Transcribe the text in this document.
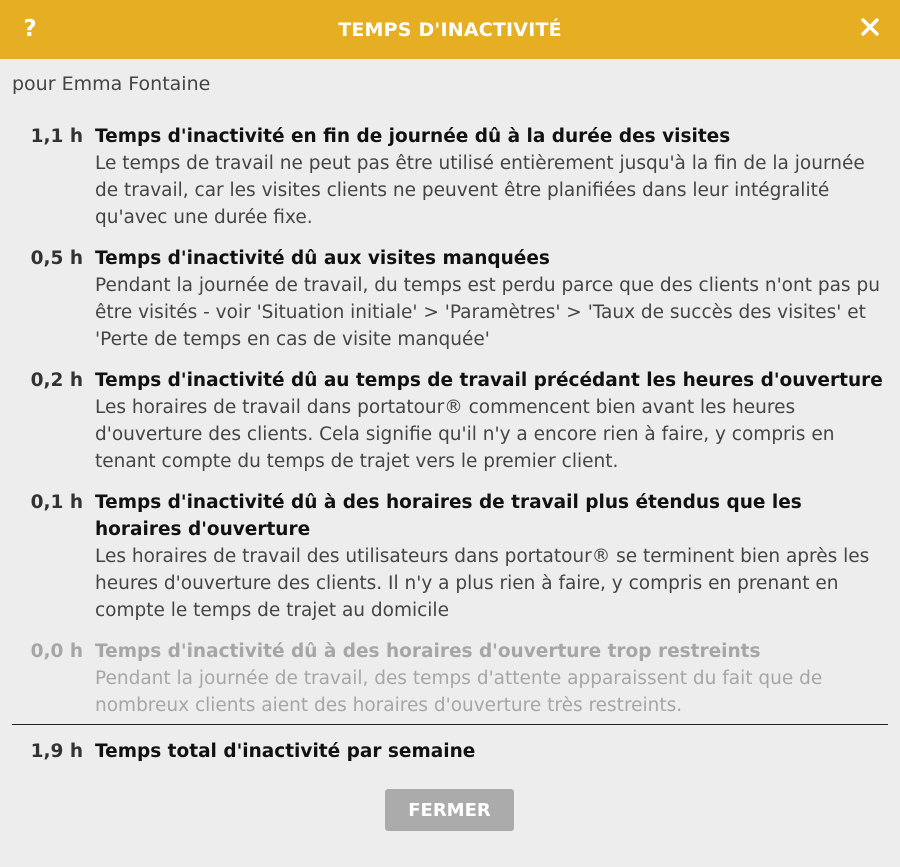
?	TEMPS D'INACTIVITÉ
pour Emma Fontaine
1,1 h Temps d'inactivité en fin de journée dû à la durée des visites
Le temps de travail ne peut pas être utilisé entièrement jusqu'à la fin de la journée de travail, car les visites clients ne peuvent être planifiées dans leur intégralité qu'avec une durée fixe.
0,5 h Temps d'inactivité dû aux visites manquées
Pendant la journée de travail, du temps est perdu parce que des clients n'ont pas pu être visités - voir 'Situation initiale' > 'Paramètres' > 'Taux de succès des visites' et 'Perte de temps en cas de visite manquée'
0,2 h Temps d'inactivité dû au temps de travail précédant les heures d'ouverture
Les horaires de travail dans portatour® commencent bien avant les heures d'ouverture des clients. Cela signifie qu'il n'y a encore rien à faire, y compris en tenant compte du temps de trajet vers le premier client.
0,1 h Temps d'inactivité dû à des horaires de travail plus étendus que les horaires d'ouverture
Les horaires de travail des utilisateurs dans portatour® se terminent bien après les heures d'ouverture des clients. Il n'y a plus rien à faire, y compris en prenant en compte le temps de trajet au domicile
0,0 h Temps d'inactivité dû à des horaires d'ouverture trop restreints
Pendant la journée de travail, des temps d'attente apparaissent du fait que de nombreux clients aient des horaires d'ouverture très restreints.
1,9 h Temps total d'inactivité par semaine
FERMER
